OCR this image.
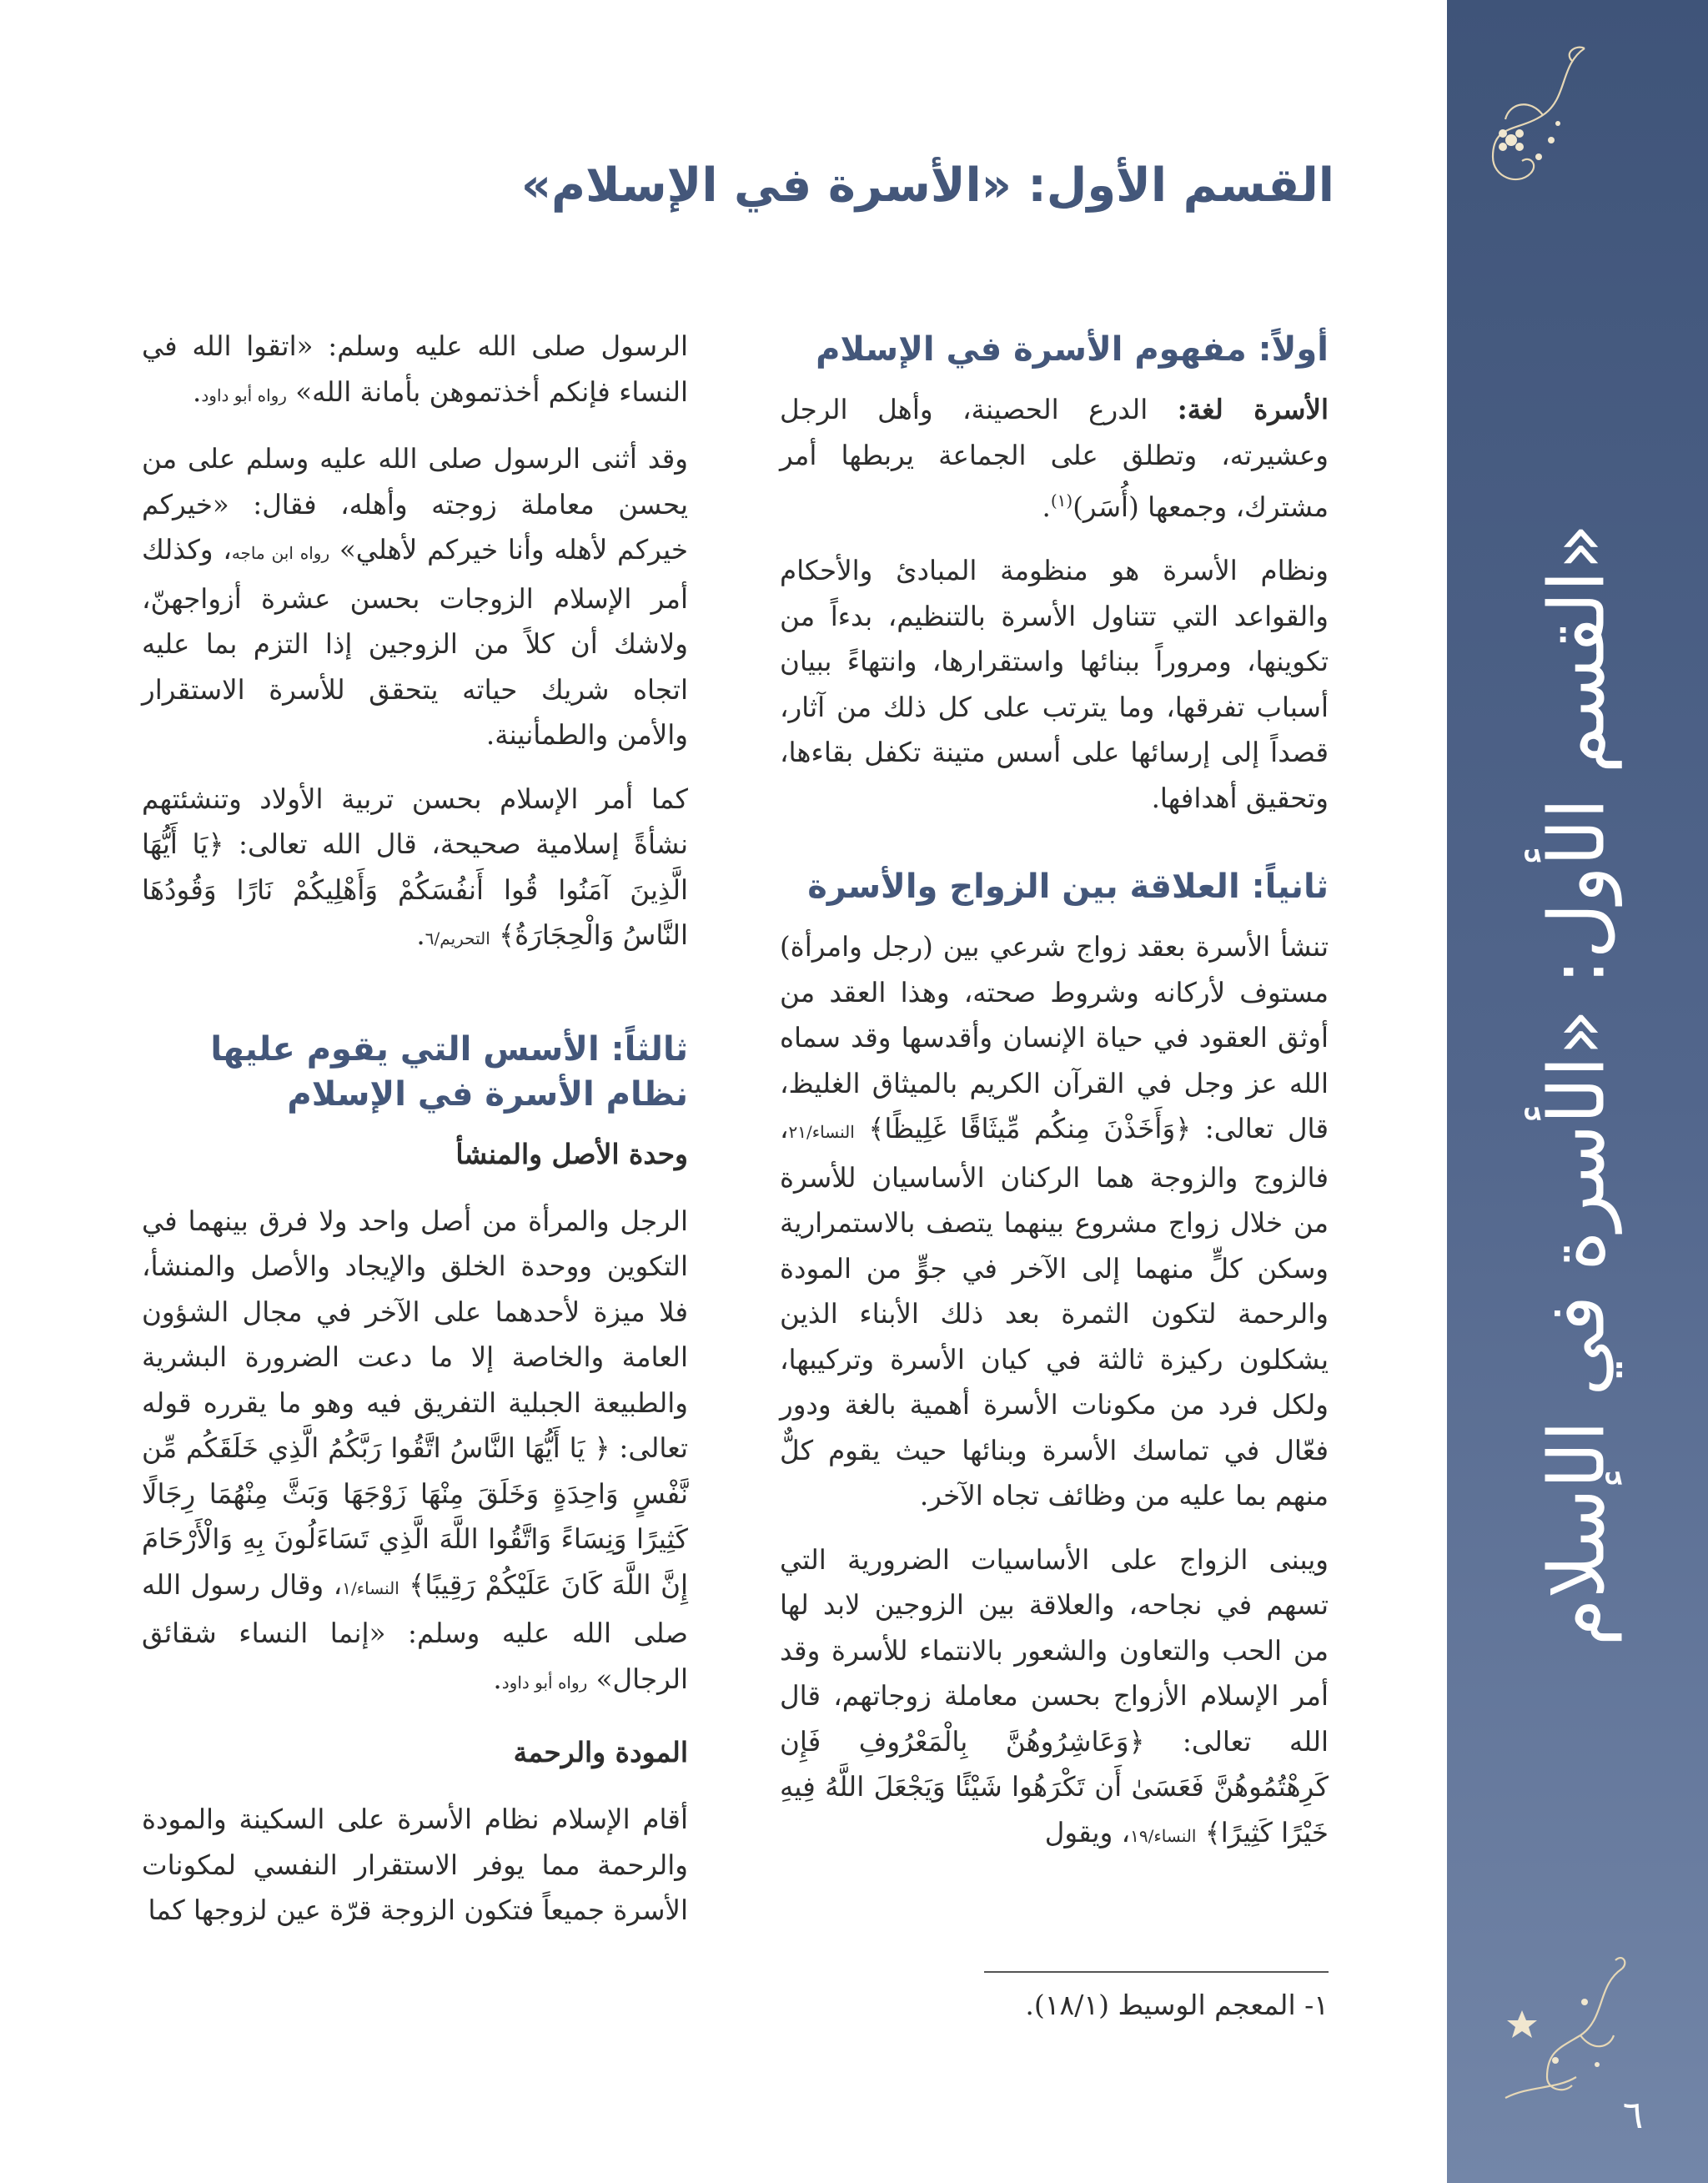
القسم الأول: «الأسرة في الإسلام»
٦
القسم الأول: «الأسرة في الإسلام»
أولاً: مفهوم الأسرة في الإسلام

الأسرة لغة: الدرع الحصينة، وأهل الرجل وعشيرته، وتطلق على الجماعة يربطها أمر مشترك، وجمعها (أُسَر)$^{(١)}$.

ونظام الأسرة هو منظومة المبادئ والأحكام والقواعد التي تتناول الأسرة بالتنظيم، بدءاً من تكوينها، ومروراً ببنائها واستقرارها، وانتهاءً ببيان أسباب تفرقها، وما يترتب على كل ذلك من آثار، قصداً إلى إرسائها على أسس متينة تكفل بقاءها، وتحقيق أهدافها.

ثانياً: العلاقة بين الزواج والأسرة

تنشأ الأسرة بعقد زواج شرعي بين (رجل وامرأة) مستوف لأركانه وشروط صحته، وهذا العقد من أوثق العقود في حياة الإنسان وأقدسها وقد سماه الله عز وجل في القرآن الكريم بالميثاق الغليظ، قال تعالى: ﴿وَأَخَذْنَ مِنكُم مِّيثَاقًا غَلِيظًا﴾ النساء/٢١، فالزوج والزوجة هما الركنان الأساسيان للأسرة من خلال زواج مشروع بينهما يتصف بالاستمرارية وسكن كلٍّ منهما إلى الآخر في جوٍّ من المودة والرحمة لتكون الثمرة بعد ذلك الأبناء الذين يشكلون ركيزة ثالثة في كيان الأسرة وتركيبها، ولكل فرد من مكونات الأسرة أهمية بالغة ودور فعّال في تماسك الأسرة وبنائها حيث يقوم كلٌّ منهم بما عليه من وظائف تجاه الآخر.

ويبنى الزواج على الأساسيات الضرورية التي تسهم في نجاحه، والعلاقة بين الزوجين لابد لها من الحب والتعاون والشعور بالانتماء للأسرة وقد أمر الإسلام الأزواج بحسن معاملة زوجاتهم، قال الله تعالى: ﴿وَعَاشِرُوهُنَّ بِالْمَعْرُوفِ فَإِن كَرِهْتُمُوهُنَّ فَعَسَىٰ أَن تَكْرَهُوا شَيْئًا وَيَجْعَلَ اللَّهُ فِيهِ خَيْرًا كَثِيرًا﴾ النساء/١٩، ويقول

١- المعجم الوسيط (١٨/١).

الرسول صلى الله عليه وسلم: «اتقوا الله في النساء فإنكم أخذتموهن بأمانة الله» رواه أبو داود.

وقد أثنى الرسول صلى الله عليه وسلم على من يحسن معاملة زوجته وأهله، فقال: «خيركم خيركم لأهله وأنا خيركم لأهلي» رواه ابن ماجه، وكذلك أمر الإسلام الزوجات بحسن عشرة أزواجهنّ، ولاشك أن كلاً من الزوجين إذا التزم بما عليه اتجاه شريك حياته يتحقق للأسرة الاستقرار والأمن والطمأنينة.

كما أمر الإسلام بحسن تربية الأولاد وتنشئتهم نشأةً إسلامية صحيحة، قال الله تعالى: ﴿يَا أَيُّهَا الَّذِينَ آمَنُوا قُوا أَنفُسَكُمْ وَأَهْلِيكُمْ نَارًا وَقُودُهَا النَّاسُ وَالْحِجَارَةُ﴾ التحريم/٦.

ثالثاً: الأسس التي يقوم عليها نظام الأسرة في الإسلام
وحدة الأصل والمنشأ

الرجل والمرأة من أصل واحد ولا فرق بينهما في التكوين ووحدة الخلق والإيجاد والأصل والمنشأ، فلا ميزة لأحدهما على الآخر في مجال الشؤون العامة والخاصة إلا ما دعت الضرورة البشرية والطبيعة الجبلية التفريق فيه وهو ما يقرره قوله تعالى: ﴿ يَا أَيُّهَا النَّاسُ اتَّقُوا رَبَّكُمُ الَّذِي خَلَقَكُم مِّن نَّفْسٍ وَاحِدَةٍ وَخَلَقَ مِنْهَا زَوْجَهَا وَبَثَّ مِنْهُمَا رِجَالًا كَثِيرًا وَنِسَاءً وَاتَّقُوا اللَّهَ الَّذِي تَسَاءَلُونَ بِهِ وَالْأَرْحَامَ إِنَّ اللَّهَ كَانَ عَلَيْكُمْ رَقِيبًا﴾ النساء/١، وقال رسول الله صلى الله عليه وسلم: «إنما النساء شقائق الرجال» رواه أبو داود.

المودة والرحمة

أقام الإسلام نظام الأسرة على السكينة والمودة والرحمة مما يوفر الاستقرار النفسي لمكونات الأسرة جميعاً فتكون الزوجة قرّة عين لزوجها كما
